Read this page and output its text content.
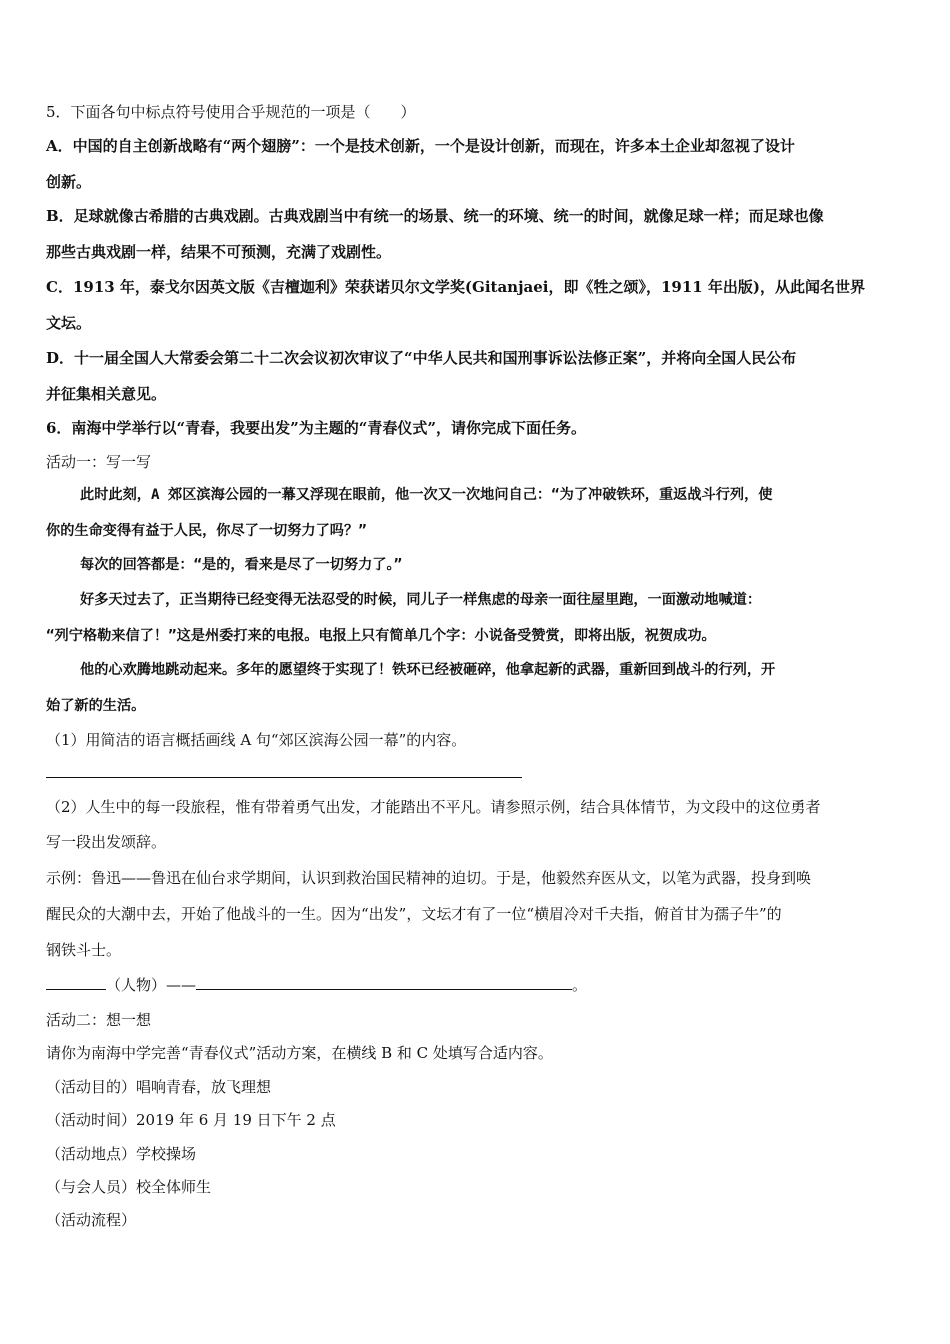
5．下面各句中标点符号使用合乎规范的一项是（　　）
A．中国的自主创新战略有“两个翅膀”：一个是技术创新，一个是设计创新，而现在，许多本土企业却忽视了设计
创新。
B．足球就像古希腊的古典戏剧。古典戏剧当中有统一的场景、统一的环境、统一的时间，就像足球一样；而足球也像
那些古典戏剧一样，结果不可预测，充满了戏剧性。
C．1913 年，泰戈尔因英文版《吉檀迦利》荣获诺贝尔文学奖(Gitanjaei，即《牲之颂》，1911 年出版)，从此闻名世界
文坛。
D．十一届全国人大常委会第二十二次会议初次审议了“中华人民共和国刑事诉讼法修正案”，并将向全国人民公布
并征集相关意见。
6．南海中学举行以“青春，我要出发”为主题的“青春仪式”，请你完成下面任务。
活动一：写一写
此时此刻，A 郊区滨海公园的一幕又浮现在眼前，他一次又一次地问自己：“为了冲破铁环，重返战斗行列，使
你的生命变得有益于人民，你尽了一切努力了吗？”
每次的回答都是：“是的，看来是尽了一切努力了。”
好多天过去了，正当期待已经变得无法忍受的时候，同儿子一样焦虑的母亲一面往屋里跑，一面激动地喊道：
“列宁格勒来信了！”这是州委打来的电报。电报上只有简单几个字：小说备受赞赏，即将出版，祝贺成功。
他的心欢腾地跳动起来。多年的愿望终于实现了！铁环已经被砸碎，他拿起新的武器，重新回到战斗的行列，开
始了新的生活。
（1）用简洁的语言概括画线 A 句“郊区滨海公园一幕”的内容。
（2）人生中的每一段旅程，惟有带着勇气出发，才能踏出不平凡。请参照示例，结合具体情节，为文段中的这位勇者
写一段出发颂辞。
示例：鲁迅——鲁迅在仙台求学期间，认识到救治国民精神的迫切。于是，他毅然弃医从文，以笔为武器，投身到唤
醒民众的大潮中去，开始了他战斗的一生。因为“出发”，文坛才有了一位“横眉冷对千夫指，俯首甘为孺子牛”的
钢铁斗士。
（人物）——	。
活动二：想一想
请你为南海中学完善“青春仪式”活动方案，在横线 B 和 C 处填写合适内容。
（活动目的）唱响青春，放飞理想
（活动时间）2019 年 6 月 19 日下午 2 点
（活动地点）学校操场
（与会人员）校全体师生
（活动流程）
